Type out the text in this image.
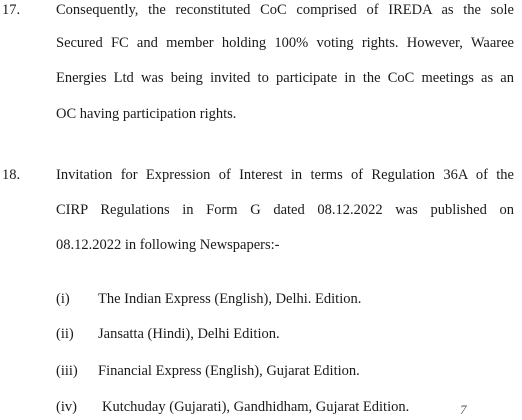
17. Consequently, the reconstituted CoC comprised of IREDA as the sole
Secured FC and member holding 100% voting rights. However, Waaree
Energies Ltd was being invited to participate in the CoC meetings as an
OC having participation rights.
18. Invitation for Expression of Interest in terms of Regulation 36A of the
CIRP Regulations in Form G dated 08.12.2022 was published on
08.12.2022 in following Newspapers:-
(i) The Indian Express (English), Delhi. Edition.
(ii) Jansatta (Hindi), Delhi Edition.
(iii) Financial Express (English), Gujarat Edition.
(iv) Kutchuday (Gujarati), Gandhidham, Gujarat Edition.	7
